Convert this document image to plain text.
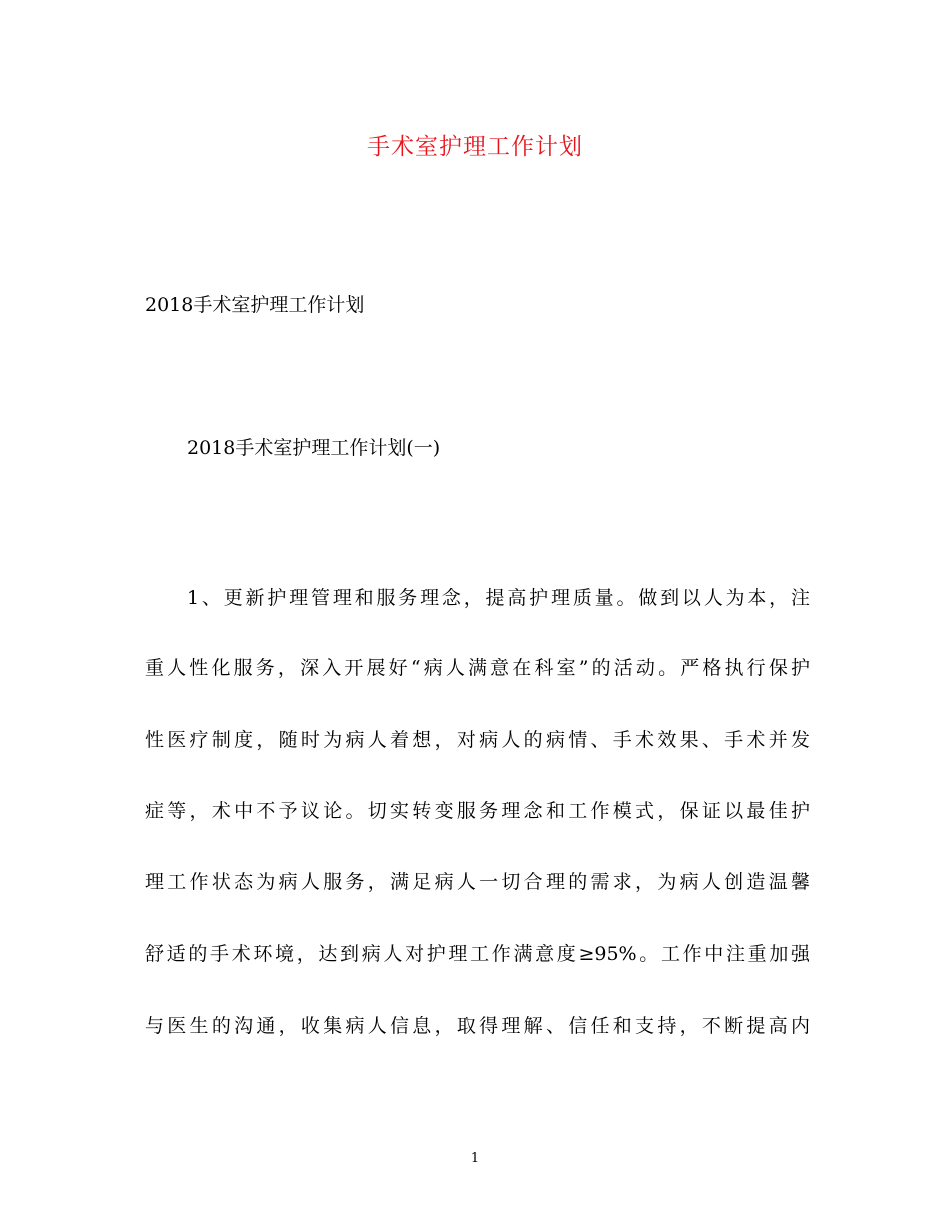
手术室护理工作计划
2018手术室护理工作计划
2018手术室护理工作计划(一)
1、更新护理管理和服务理念，提高护理质量。做到以人为本，注
重人性化服务，深入开展好“病人满意在科室”的活动。严格执行保护
性医疗制度，随时为病人着想，对病人的病情、手术效果、手术并发
症等，术中不予议论。切实转变服务理念和工作模式，保证以最佳护
理工作状态为病人服务，满足病人一切合理的需求，为病人创造温馨
舒适的手术环境，达到病人对护理工作满意度≥95%。工作中注重加强
与医生的沟通，收集病人信息，取得理解、信任和支持，不断提高内
1
